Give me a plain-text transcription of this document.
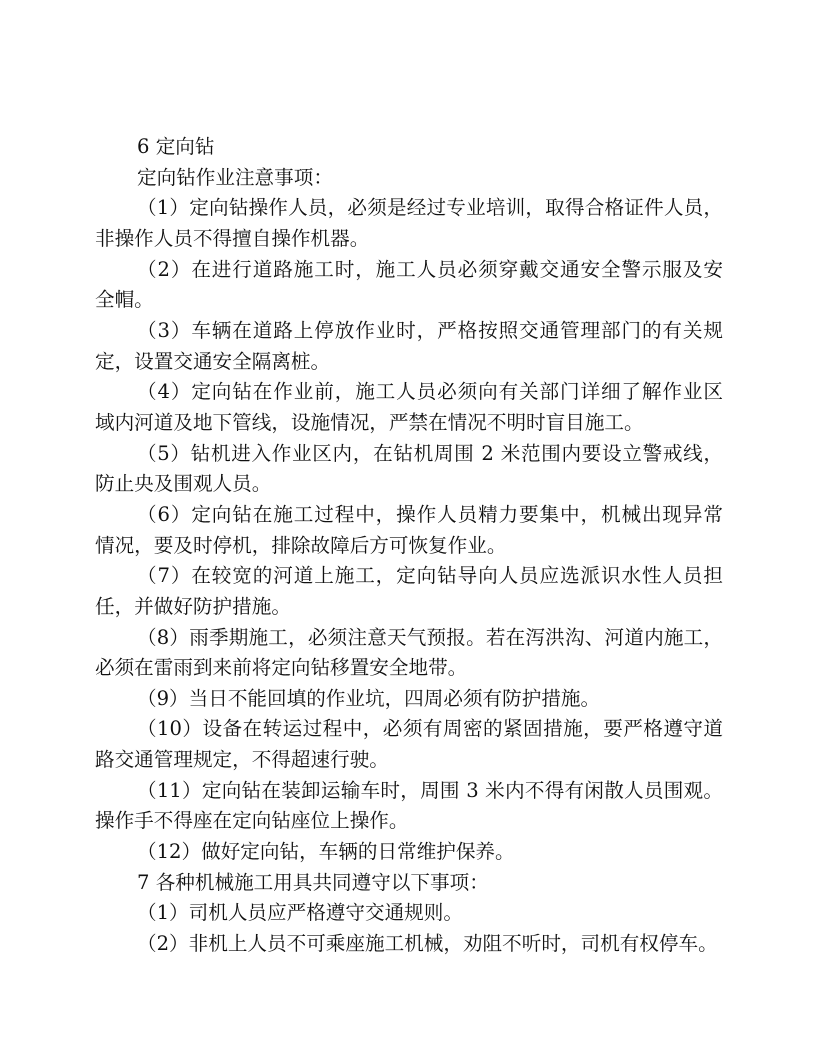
6 定向钻
定向钻作业注意事项：
（1）定向钻操作人员，必须是经过专业培训，取得合格证件人员，
非操作人员不得擅自操作机器。
（2）在进行道路施工时，施工人员必须穿戴交通安全警示服及安
全帽。
（3）车辆在道路上停放作业时，严格按照交通管理部门的有关规
定，设置交通安全隔离桩。
（4）定向钻在作业前，施工人员必须向有关部门详细了解作业区
域内河道及地下管线，设施情况，严禁在情况不明时盲目施工。
（5）钻机进入作业区内，在钻机周围 2 米范围内要设立警戒线，
防止央及围观人员。
（6）定向钻在施工过程中，操作人员精力要集中，机械出现异常
情况，要及时停机，排除故障后方可恢复作业。
（7）在较宽的河道上施工，定向钻导向人员应选派识水性人员担
任，并做好防护措施。
（8）雨季期施工，必须注意天气预报。若在泻洪沟、河道内施工，
必须在雷雨到来前将定向钻移置安全地带。
（9）当日不能回填的作业坑，四周必须有防护措施。
（10）设备在转运过程中，必须有周密的紧固措施，要严格遵守道
路交通管理规定，不得超速行驶。
（11）定向钻在装卸运输车时，周围 3 米内不得有闲散人员围观。
操作手不得座在定向钻座位上操作。
（12）做好定向钻，车辆的日常维护保养。
7 各种机械施工用具共同遵守以下事项：
（1）司机人员应严格遵守交通规则。
（2）非机上人员不可乘座施工机械，劝阻不听时，司机有权停车。
